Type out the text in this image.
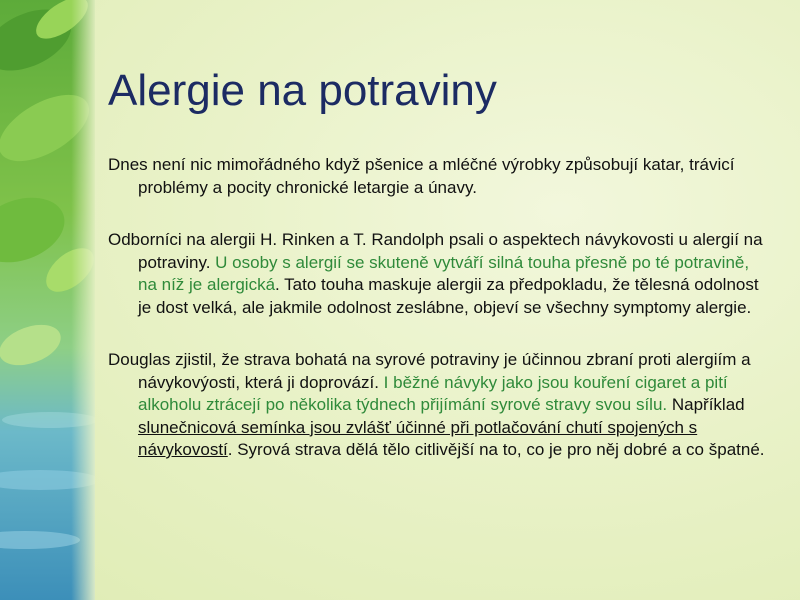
Alergie na potraviny

Dnes není nic mimořádného když pšenice a mléčné výrobky způsobují katar, trávicí problémy a pocity chronické letargie a únavy.

Odborníci na alergii H. Rinken a T. Randolph psali o aspektech návykovosti u alergií na potraviny. U osoby s alergií se skuteně vytváří silná touha přesně po té potravině, na níž je alergická. Tato touha maskuje alergii za předpokladu, že tělesná odolnost je dost velká, ale jakmile odolnost zeslábne, objeví se všechny symptomy alergie.

Douglas zjistil, že strava bohatá na syrové potraviny je účinnou zbraní proti alergiím a návykovýosti, která ji doprovází. I běžné návyky jako jsou kouření cigaret a pití alkoholu ztrácejí po několika týdnech přijímání syrové stravy svou sílu. Například slunečnicová semínka jsou zvlášť účinné při potlačování chutí spojených s návykovostí. Syrová strava dělá tělo citlivější na to, co je pro něj dobré a co špatné.
